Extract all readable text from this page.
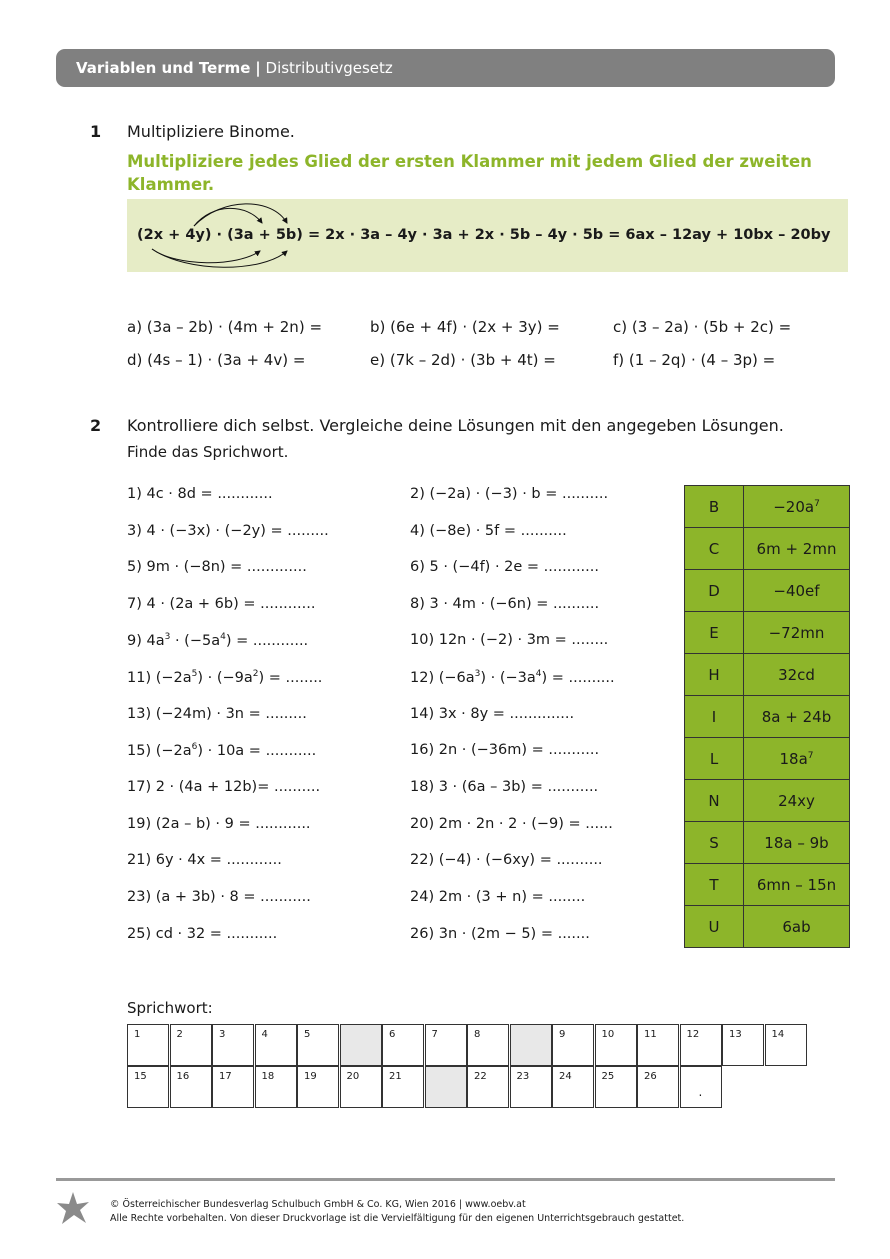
Variablen und Terme | Distributivgesetz
1 Multipliziere Binome.
Multipliziere jedes Glied der ersten Klammer mit jedem Glied der zweiten
Klammer.
(2x + 4y) · (3a + 5b) = 2x · 3a – 4y · 3a + 2x · 5b – 4y · 5b = 6ax – 12ay + 10bx – 20by
a) (3a – 2b) · (4m + 2n) =	b) (6e + 4f) · (2x + 3y) =	c) (3 – 2a) · (5b + 2c) =
d) (4s – 1) · (3a + 4v) =	e) (7k – 2d) · (3b + 4t) =	f) (1 – 2q) · (4 – 3p) =
2 Kontrolliere dich selbst. Vergleiche deine Lösungen mit den angegeben Lösungen.
Finde das Sprichwort.
1) 4c · 8d = ............	2) (−2a) · (−3) · b = ..........
3) 4 · (−3x) · (−2y) = .........	4) (−8e) · 5f = ..........
5) 9m · (−8n) = .............	6) 5 · (−4f) · 2e = ............
7) 4 · (2a + 6b) = ............	8) 3 · 4m · (−6n) = ..........
9) $4a^3 \cdot (-5a^4)$ = ............	10) 12n · (−2) · 3m = ........
11) $(-2a^5) \cdot (-9a^2)$ = ........	12) $(-6a^3) \cdot (-3a^4)$ = ..........
13) (−24m) · 3n = .........	14) 3x · 8y = ..............
15) $(-2a^6) \cdot 10a$ = ...........	16) 2n · (−36m) = ...........
17) 2 · (4a + 12b)= ..........	18) 3 · (6a – 3b) = ...........
19) (2a – b) · 9 = ............	20) 2m · 2n · 2 · (−9) = ......
21) 6y · 4x = ............	22) (−4) · (−6xy) = ..........
23) (a + 3b) · 8 = ...........	24) 2m · (3 + n) = ........
25) cd · 32 = ...........	26) 3n · (2m − 5) = .......
B	$-20a^7$
C	6m + 2mn
D	−40ef
E	−72mn
H	32cd
I	8a + 24b
L	$18a^7$
N	24xy
S	18a – 9b
T	6mn – 15n
U	6ab
Sprichwort:
1	2	3	4	5	6	7	8	9	10	11	12	13	14
15	16	17	18	19	20	21	22	23	24	25	26
.
© Österreichischer Bundesverlag Schulbuch GmbH & Co. KG, Wien 2016 | www.oebv.at
Alle Rechte vorbehalten. Von dieser Druckvorlage ist die Vervielfältigung für den eigenen Unterrichtsgebrauch gestattet.
